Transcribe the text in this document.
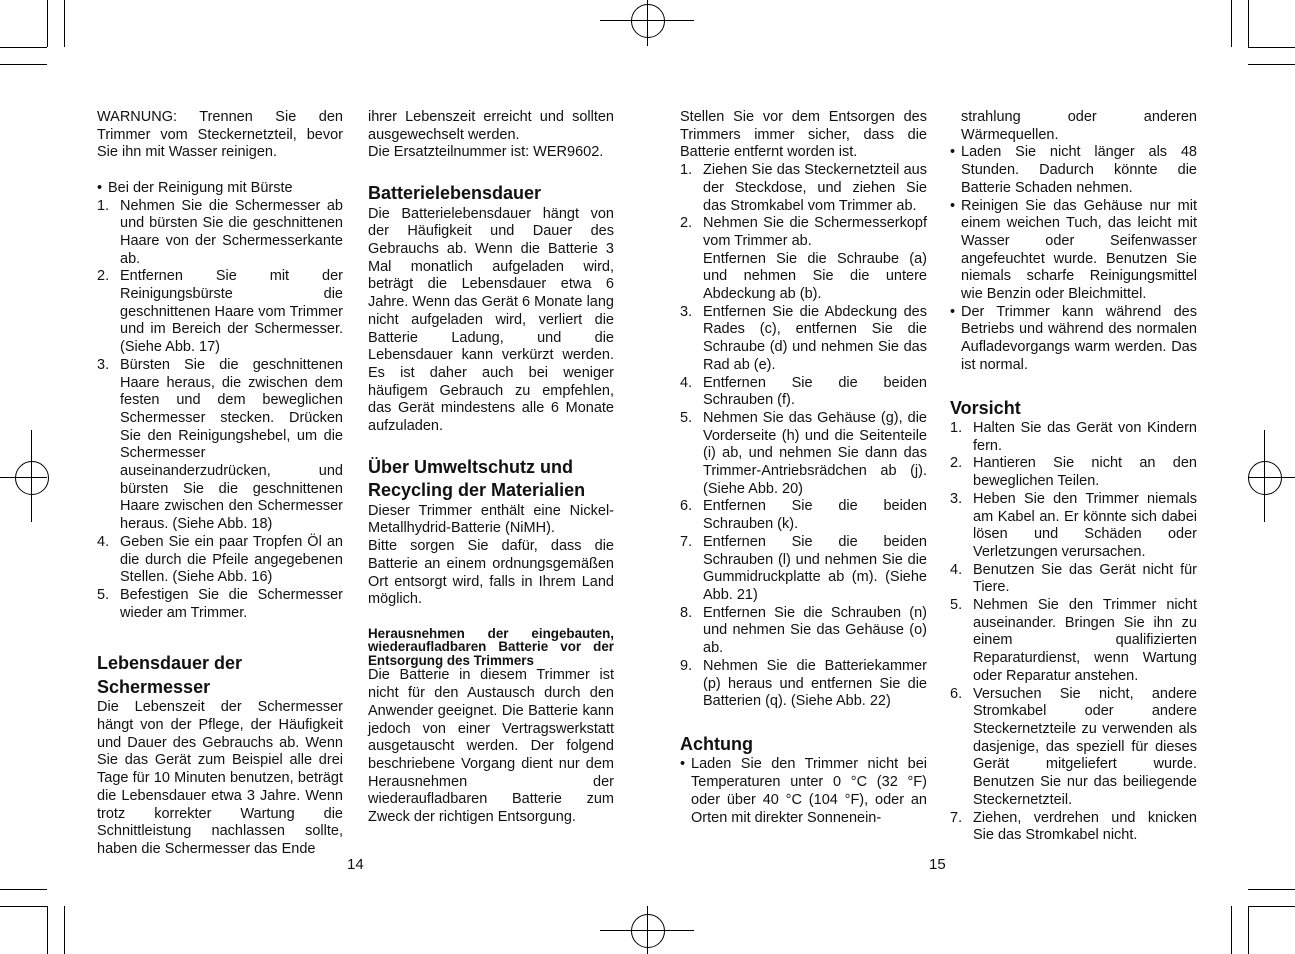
WARNUNG: Trennen Sie den Trimmer vom Steckernetzteil, bevor Sie ihn mit Wasser reinigen.

• Bei der Reinigung mit Bürste

1. Nehmen Sie die Schermesser ab und bürsten Sie die geschnittenen Haare von der Schermesserkante ab.

2. Entfernen Sie mit der Reinigungsbürste die geschnittenen Haare vom Trimmer und im Bereich der Schermesser. (Siehe Abb. 17)

3. Bürsten Sie die geschnittenen Haare heraus, die zwischen dem festen und dem beweglichen Schermesser stecken. Drücken Sie den Reinigungshebel, um die Schermesser auseinanderzudrücken, und bürsten Sie die geschnittenen Haare zwischen den Schermesser heraus. (Siehe Abb. 18)

4. Geben Sie ein paar Tropfen Öl an die durch die Pfeile angegebenen Stellen. (Siehe Abb. 16)

5. Befestigen Sie die Schermesser wieder am Trimmer.

Lebensdauer der Schermesser

Die Lebenszeit der Schermesser hängt von der Pflege, der Häufigkeit und Dauer des Gebrauchs ab. Wenn Sie das Gerät zum Beispiel alle drei Tage für 10 Minuten benutzen, beträgt die Lebensdauer etwa 3 Jahre. Wenn trotz korrekter Wartung die Schnittleistung nachlassen sollte, haben die Schermesser das Ende

ihrer Lebenszeit erreicht und sollten ausgewechselt werden.

Die Ersatzteilnummer ist: WER9602.

Batterielebensdauer

Die Batterielebensdauer hängt von der Häufigkeit und Dauer des Gebrauchs ab. Wenn die Batterie 3 Mal monatlich aufgeladen wird, beträgt die Lebensdauer etwa 6 Jahre. Wenn das Gerät 6 Monate lang nicht aufgeladen wird, verliert die Batterie Ladung, und die Lebensdauer kann verkürzt werden. Es ist daher auch bei weniger häufigem Gebrauch zu empfehlen, das Gerät mindestens alle 6 Monate aufzuladen.

Über Umweltschutz und Recycling der Materialien

Dieser Trimmer enthält eine Nickel-Metallhydrid-Batterie (NiMH).

Bitte sorgen Sie dafür, dass die Batterie an einem ordnungsgemäßen Ort entsorgt wird, falls in Ihrem Land möglich.

Herausnehmen der eingebauten, wiederaufladbaren Batterie vor der Entsorgung des Trimmers

Die Batterie in diesem Trimmer ist nicht für den Austausch durch den Anwender geeignet. Die Batterie kann jedoch von einer Vertragswerkstatt ausgetauscht werden. Der folgend beschriebene Vorgang dient nur dem Herausnehmen der wiederaufladbaren Batterie zum Zweck der richtigen Entsorgung.

14

Stellen Sie vor dem Entsorgen des Trimmers immer sicher, dass die Batterie entfernt worden ist.

1. Ziehen Sie das Steckernetzteil aus der Steckdose, und ziehen Sie das Stromkabel vom Trimmer ab.

2. Nehmen Sie die Schermesserkopf vom Trimmer ab.
Entfernen Sie die Schraube (a) und nehmen Sie die untere Abdeckung ab (b).

3. Entfernen Sie die Abdeckung des Rades (c), entfernen Sie die Schraube (d) und nehmen Sie das Rad ab (e).

4. Entfernen Sie die beiden Schrauben (f).

5. Nehmen Sie das Gehäuse (g), die Vorderseite (h) und die Seitenteile (i) ab, und nehmen Sie dann das Trimmer-Antriebsrädchen ab (j). (Siehe Abb. 20)

6. Entfernen Sie die beiden Schrauben (k).

7. Entfernen Sie die beiden Schrauben (l) und nehmen Sie die Gummidruckplatte ab (m). (Siehe Abb. 21)

8. Entfernen Sie die Schrauben (n) und nehmen Sie das Gehäuse (o) ab.

9. Nehmen Sie die Batteriekammer (p) heraus und entfernen Sie die Batterien (q). (Siehe Abb. 22)

Achtung

• Laden Sie den Trimmer nicht bei Temperaturen unter 0 °C (32 °F) oder über 40 °C (104 °F), oder an Orten mit direkter Sonnenein-

strahlung oder anderen Wärmequellen.

• Laden Sie nicht länger als 48 Stunden. Dadurch könnte die Batterie Schaden nehmen.

• Reinigen Sie das Gehäuse nur mit einem weichen Tuch, das leicht mit Wasser oder Seifenwasser angefeuchtet wurde. Benutzen Sie niemals scharfe Reinigungsmittel wie Benzin oder Bleichmittel.

• Der Trimmer kann während des Betriebs und während des normalen Aufladevorgangs warm werden. Das ist normal.

Vorsicht

1. Halten Sie das Gerät von Kindern fern.

2. Hantieren Sie nicht an den beweglichen Teilen.

3. Heben Sie den Trimmer niemals am Kabel an. Er könnte sich dabei lösen und Schäden oder Verletzungen verursachen.

4. Benutzen Sie das Gerät nicht für Tiere.

5. Nehmen Sie den Trimmer nicht auseinander. Bringen Sie ihn zu einem qualifizierten Reparaturdienst, wenn Wartung oder Reparatur anstehen.

6. Versuchen Sie nicht, andere Stromkabel oder andere Steckernetzteile zu verwenden als dasjenige, das speziell für dieses Gerät mitgeliefert wurde. Benutzen Sie nur das beiliegende Steckernetzteil.

7. Ziehen, verdrehen und knicken Sie das Stromkabel nicht.

15
